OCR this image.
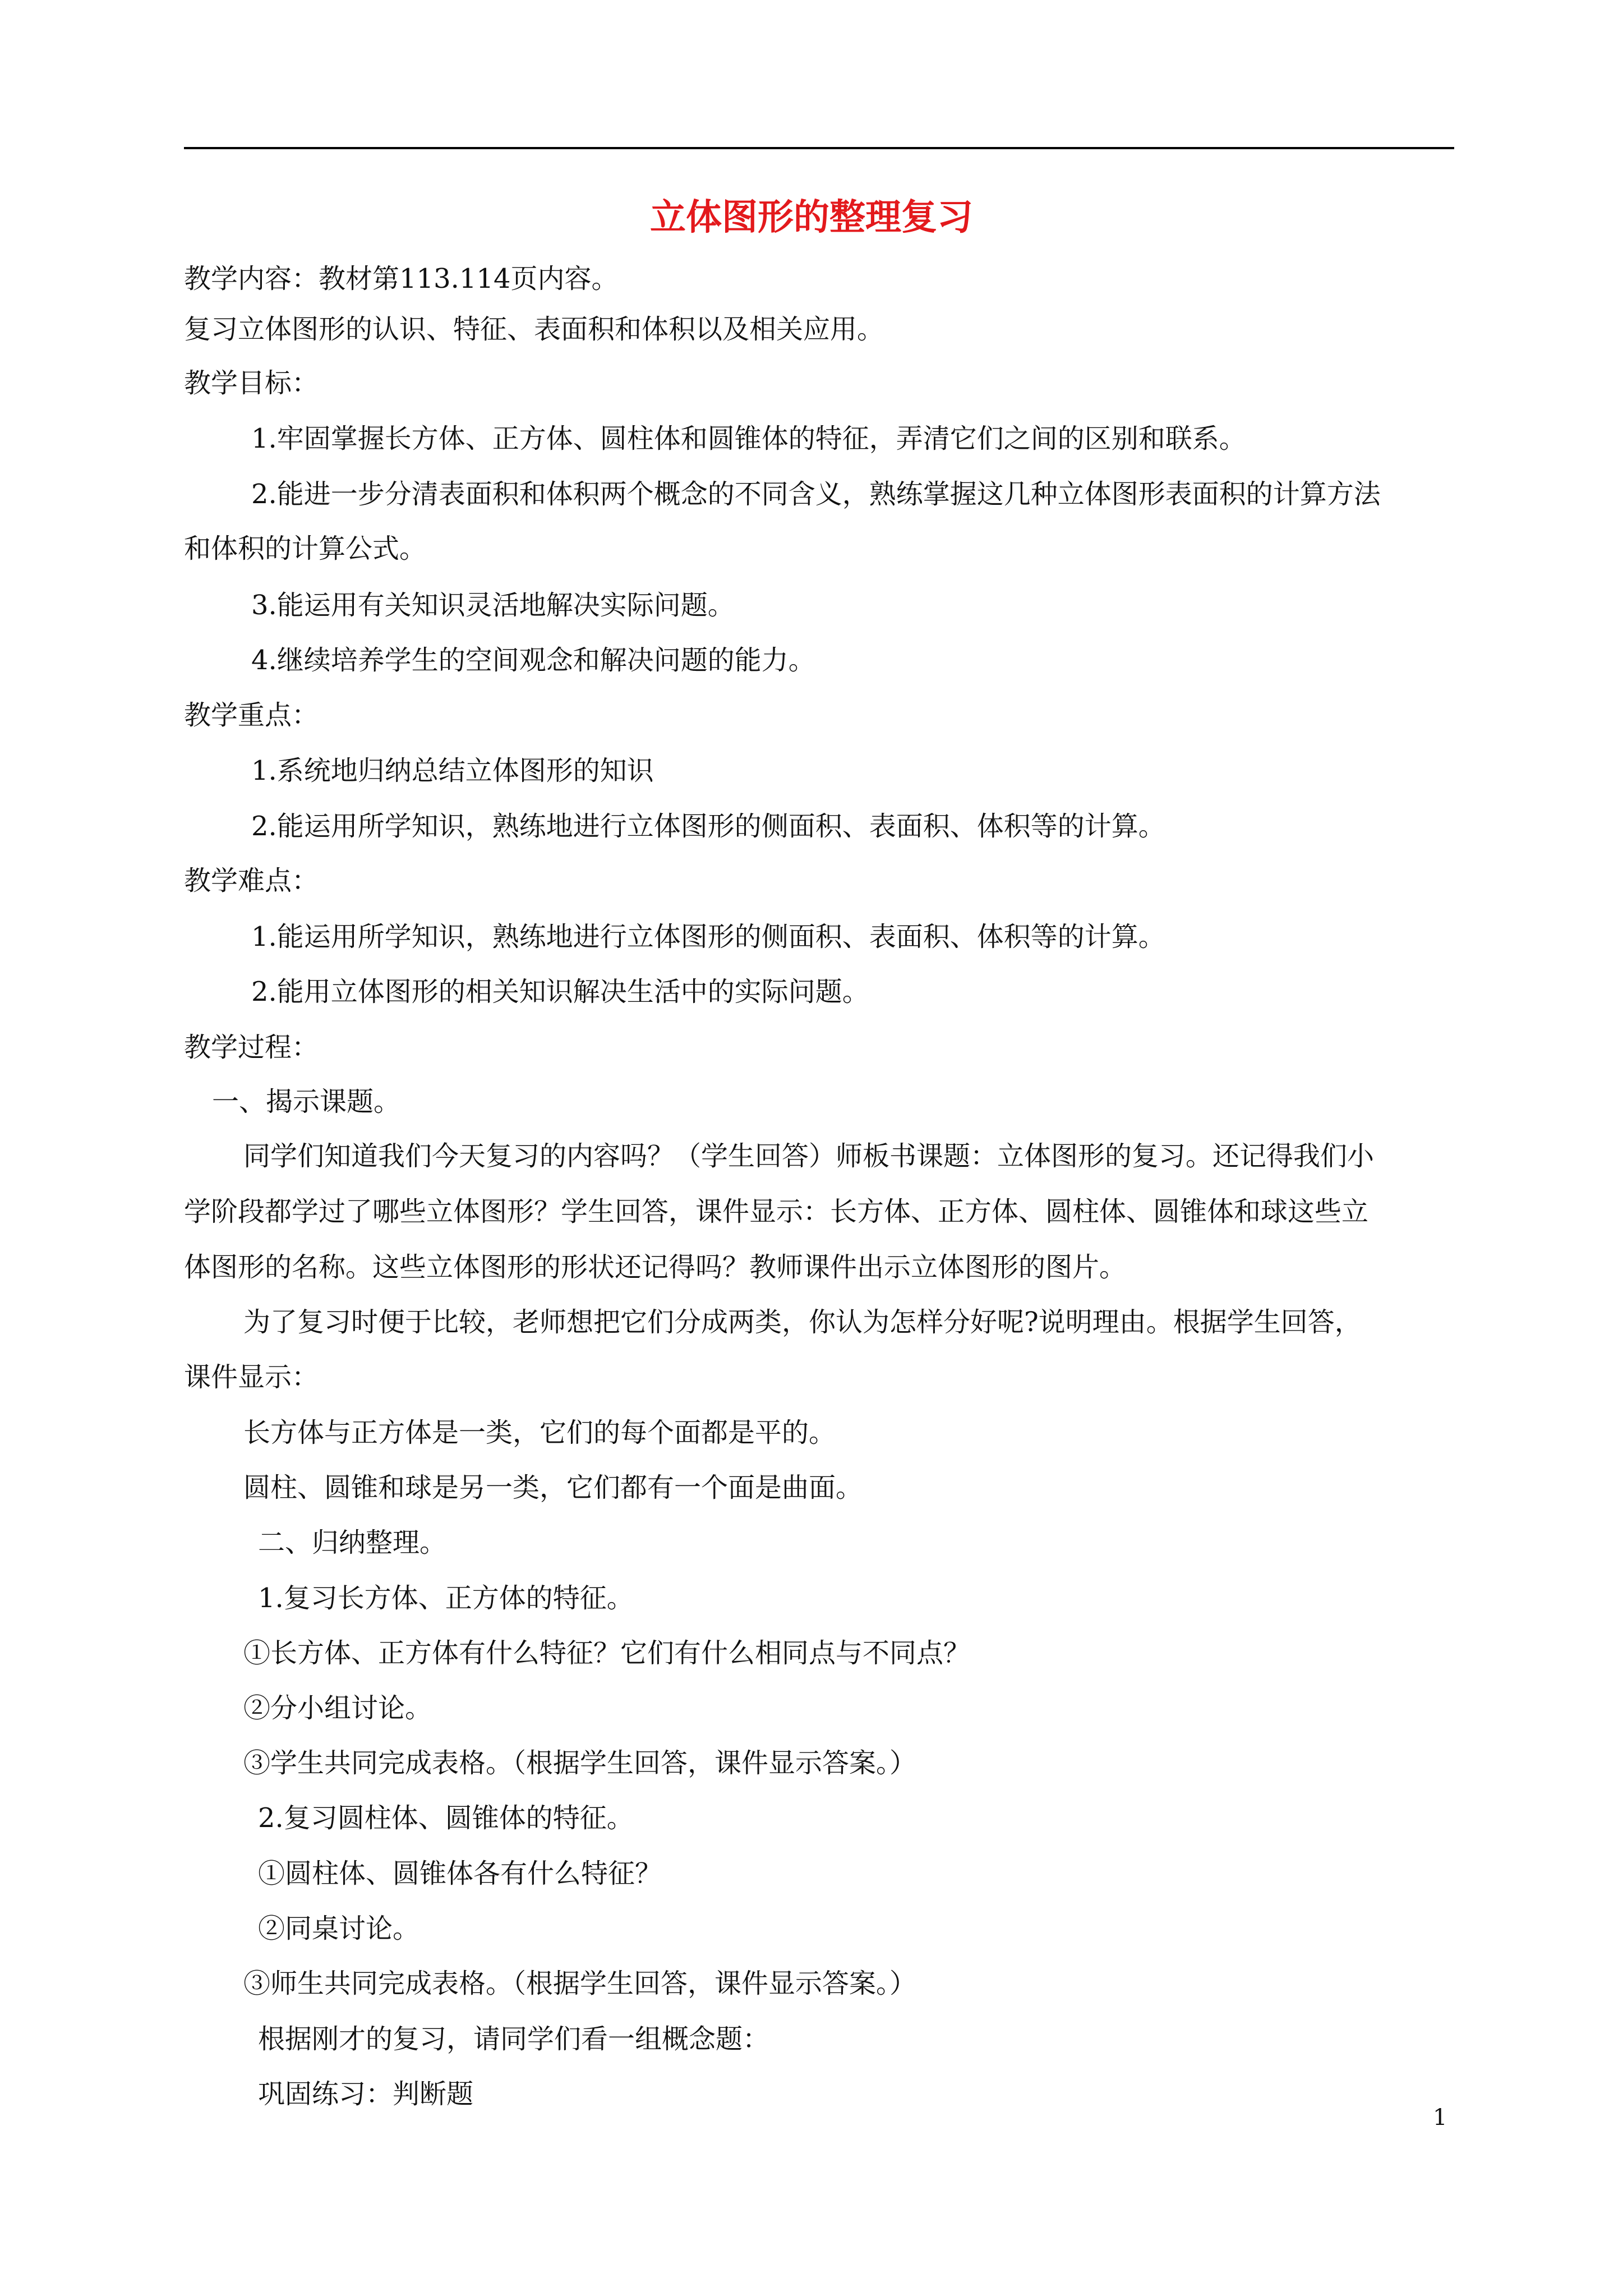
立体图形的整理复习
教学内容：教材第113.114页内容。
复习立体图形的认识、特征、表面积和体积以及相关应用。
教学目标：
1.牢固掌握长方体、正方体、圆柱体和圆锥体的特征，弄清它们之间的区别和联系。
2.能进一步分清表面积和体积两个概念的不同含义，熟练掌握这几种立体图形表面积的计算方法
和体积的计算公式。
3.能运用有关知识灵活地解决实际问题。
4.继续培养学生的空间观念和解决问题的能力。
教学重点：
1.系统地归纳总结立体图形的知识
2.能运用所学知识，熟练地进行立体图形的侧面积、表面积、体积等的计算。
教学难点：
1.能运用所学知识，熟练地进行立体图形的侧面积、表面积、体积等的计算。
2.能用立体图形的相关知识解决生活中的实际问题。
教学过程：
一、揭示课题。
同学们知道我们今天复习的内容吗？（学生回答）师板书课题：立体图形的复习。还记得我们小
学阶段都学过了哪些立体图形？学生回答，课件显示：长方体、正方体、圆柱体、圆锥体和球这些立
体图形的名称。这些立体图形的形状还记得吗？教师课件出示立体图形的图片。
为了复习时便于比较，老师想把它们分成两类，你认为怎样分好呢?说明理由。根据学生回答，
课件显示：
长方体与正方体是一类，它们的每个面都是平的。
圆柱、圆锥和球是另一类，它们都有一个面是曲面。
二、归纳整理。
1.复习长方体、正方体的特征。
①长方体、正方体有什么特征？它们有什么相同点与不同点？
②分小组讨论。
③学生共同完成表格。（根据学生回答，课件显示答案。）
2.复习圆柱体、圆锥体的特征。
①圆柱体、圆锥体各有什么特征？
②同桌讨论。
③师生共同完成表格。（根据学生回答，课件显示答案。）
根据刚才的复习，请同学们看一组概念题：
巩固练习：判断题
1
